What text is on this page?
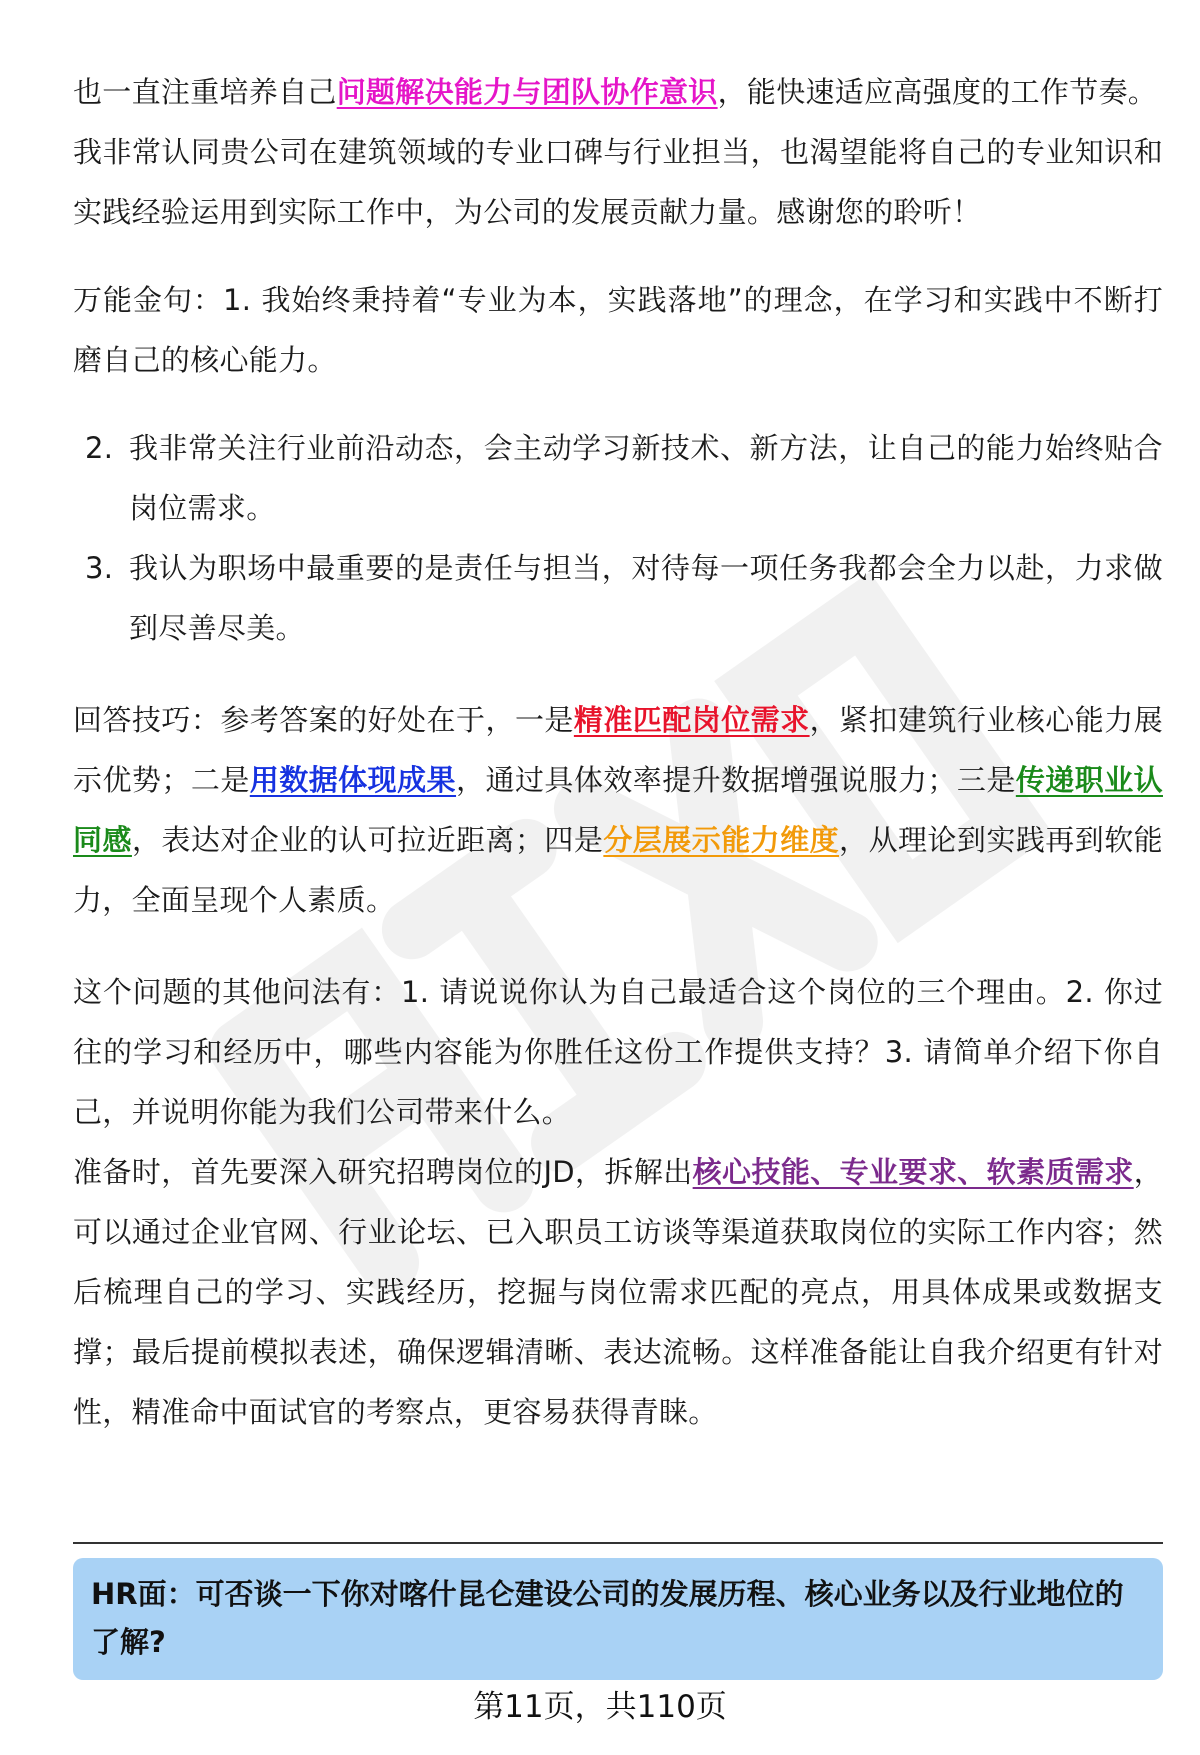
也一直注重培养自己问题解决能力与团队协作意识，能快速适应高强度的工作节奏。

我非常认同贵公司在建筑领域的专业口碑与行业担当，也渴望能将自己的专业知识和实践经验运用到实际工作中，为公司的发展贡献力量。感谢您的聆听！

万能金句：1. 我始终秉持着“专业为本，实践落地”的理念，在学习和实践中不断打磨自己的核心能力。

2. 我非常关注行业前沿动态，会主动学习新技术、新方法，让自己的能力始终贴合岗位需求。
3. 我认为职场中最重要的是责任与担当，对待每一项任务我都会全力以赴，力求做到尽善尽美。

回答技巧：参考答案的好处在于，一是精准匹配岗位需求，紧扣建筑行业核心能力展示优势；二是用数据体现成果，通过具体效率提升数据增强说服力；三是传递职业认同感，表达对企业的认可拉近距离；四是分层展示能力维度，从理论到实践再到软能力，全面呈现个人素质。

这个问题的其他问法有：1. 请说说你认为自己最适合这个岗位的三个理由。2. 你过往的学习和经历中，哪些内容能为你胜任这份工作提供支持？3. 请简单介绍下你自己，并说明你能为我们公司带来什么。

准备时，首先要深入研究招聘岗位的JD，拆解出核心技能、专业要求、软素质需求，可以通过企业官网、行业论坛、已入职员工访谈等渠道获取岗位的实际工作内容；然后梳理自己的学习、实践经历，挖掘与岗位需求匹配的亮点，用具体成果或数据支撑；最后提前模拟表述，确保逻辑清晰、表达流畅。这样准备能让自我介绍更有针对性，精准命中面试官的考察点，更容易获得青睐。

HR面：可否谈一下你对喀什昆仑建设公司的发展历程、核心业务以及行业地位的了解?
第11页，共110页
